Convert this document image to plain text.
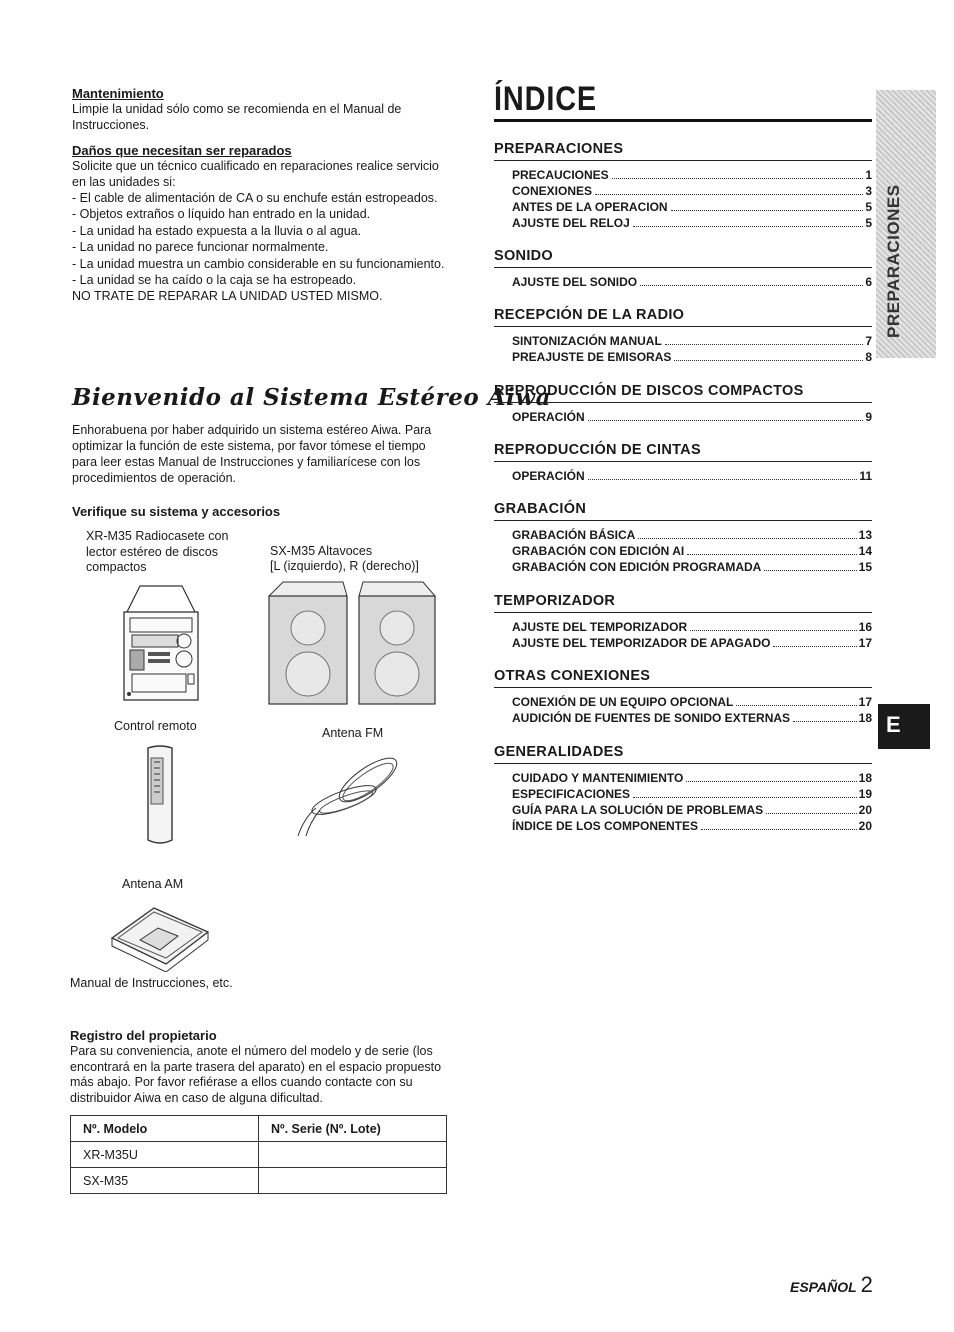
Mantenimiento

Limpie la unidad sólo como se recomienda en el Manual de Instrucciones.

Daños que necesitan ser reparados

Solicite que un técnico cualificado en reparaciones realice servicio en las unidades si:

- El cable de alimentación de CA o su enchufe están estropeados.
- Objetos extraños o líquido han entrado en la unidad.
- La unidad ha estado expuesta a la lluvia o al agua.
- La unidad no parece funcionar normalmente.
- La unidad muestra un cambio considerable en su funcionamiento.
- La unidad se ha caído o la caja se ha estropeado.

NO TRATE DE REPARAR LA UNIDAD USTED MISMO.

Bienvenido al Sistema Estéreo Aiwa

Enhorabuena por haber adquirido un sistema estéreo Aiwa. Para optimizar la función de este sistema, por favor tómese el tiempo para leer estas Manual de Instrucciones y familiarícese con los procedimientos de operación.

Verifique su sistema y accesorios
XR-M35 Radiocasete con lector estéreo de discos compactos
SX-M35 Altavoces
[L (izquierdo), R (derecho)]
Control remoto	Antena FM
Antena AM
Manual de Instrucciones, etc.
Registro del propietario

Para su conveniencia, anote el número del modelo y de serie (los encontrará en la parte trasera del aparato) en el espacio propuesto más abajo. Por favor refiérase a ellos cuando contacte con su distribuidor Aiwa en caso de alguna dificultad.

Nº. Modelo	Nº. Serie (Nº. Lote)
XR-M35U	
SX-M35	
ÍNDICE
PREPARACIONES
PRECAUCIONES	1
CONEXIONES	3
ANTES DE LA OPERACION	5
AJUSTE DEL RELOJ	5
SONIDO
AJUSTE DEL SONIDO	6
RECEPCIÓN DE LA RADIO
SINTONIZACIÓN MANUAL	7
PREAJUSTE DE EMISORAS	8
REPRODUCCIÓN DE DISCOS COMPACTOS
OPERACIÓN	9
REPRODUCCIÓN DE CINTAS
OPERACIÓN	11
GRABACIÓN
GRABACIÓN BÁSICA	13
GRABACIÓN CON EDICIÓN AI	14
GRABACIÓN CON EDICIÓN PROGRAMADA	15
TEMPORIZADOR
AJUSTE DEL TEMPORIZADOR	16
AJUSTE DEL TEMPORIZADOR DE APAGADO	17
OTRAS CONEXIONES
CONEXIÓN DE UN EQUIPO OPCIONAL	17
AUDICIÓN DE FUENTES DE SONIDO EXTERNAS	18
GENERALIDADES
CUIDADO Y MANTENIMIENTO	18
ESPECIFICACIONES	19
GUÍA PARA LA SOLUCIÓN DE PROBLEMAS	20
ÍNDICE DE LOS COMPONENTES	20
PREPARACIONES
E
ESPAÑOL 2
